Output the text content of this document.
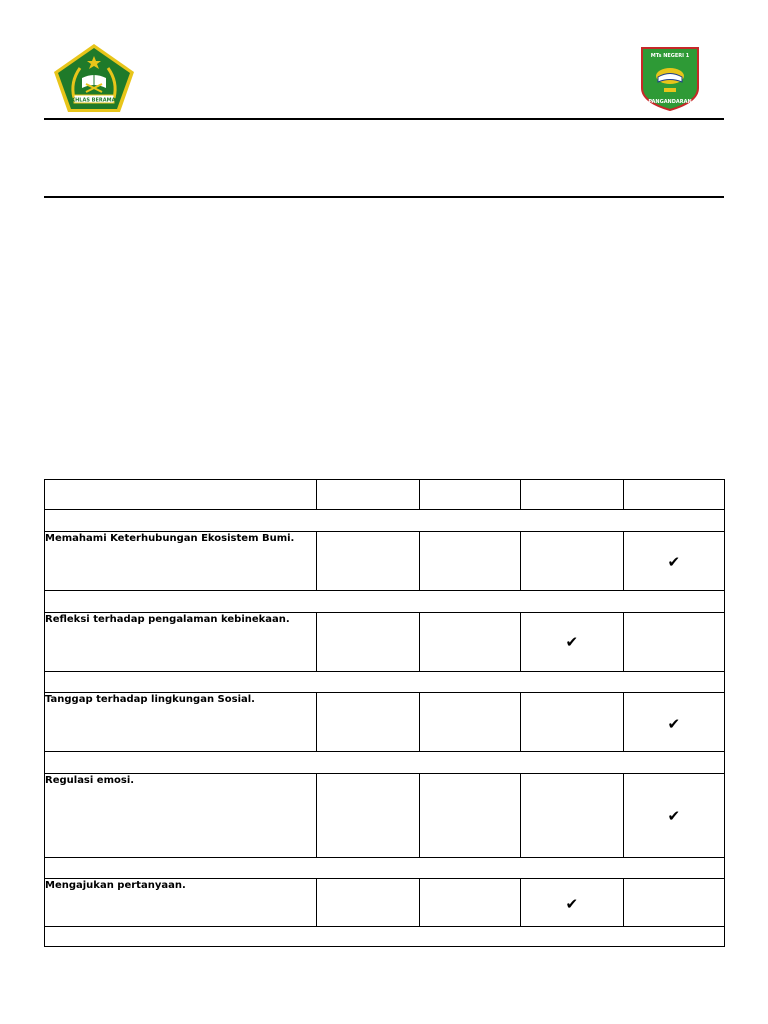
IKHLAS BERAMAL
MTs NEGERI 1
PANGANDARAN

Memahami Keterhubungan Ekosistem Bumi.				✔

Refleksi terhadap pengalaman kebinekaan.			✔	

Tanggap terhadap lingkungan Sosial.				✔

Regulasi emosi.				✔

Mengajukan pertanyaan.			✔	
